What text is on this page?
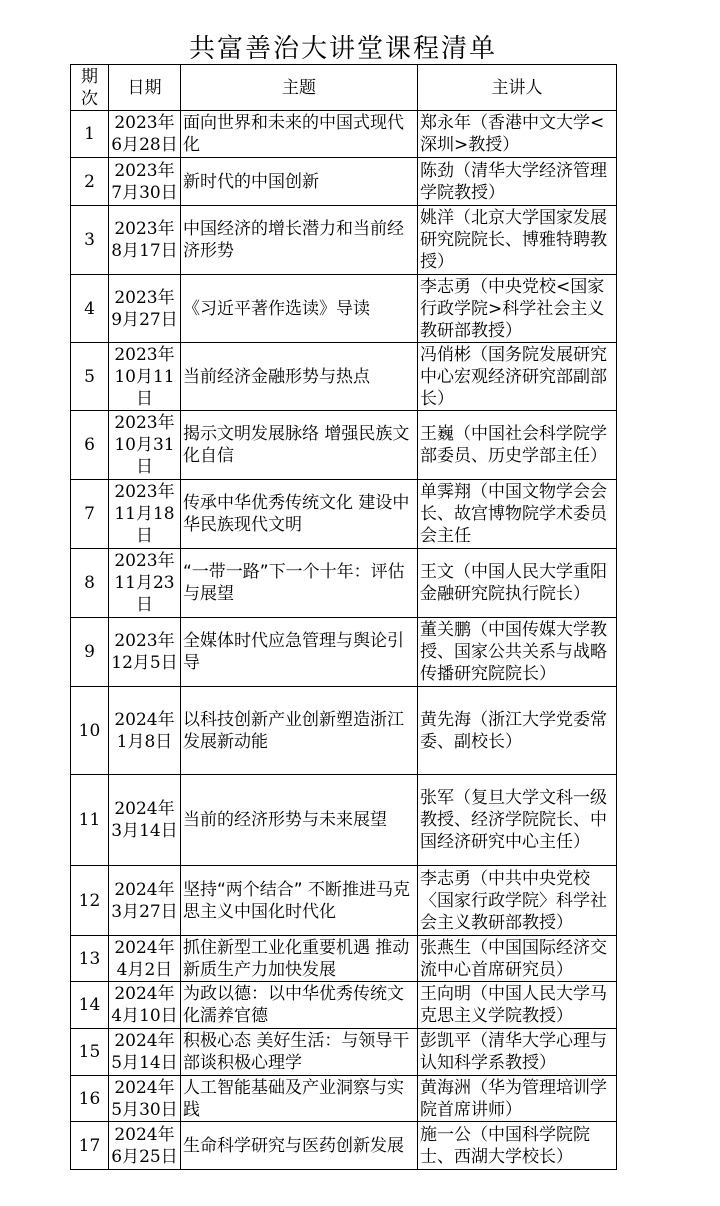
共富善治大讲堂课程清单
期次	日期	主题	主讲人
1	2023年6月28日	面向世界和未来的中国式现代化	郑永年（香港中文大学<深圳>教授）
2	2023年7月30日	新时代的中国创新	陈劲（清华大学经济管理学院教授）
3	2023年8月17日	中国经济的增长潜力和当前经济形势	姚洋（北京大学国家发展研究院院长、博雅特聘教授）
4	2023年9月27日	《习近平著作选读》导读	李志勇（中央党校<国家行政学院>科学社会主义教研部教授）
5	2023年10月11日	当前经济金融形势与热点	冯俏彬（国务院发展研究中心宏观经济研究部副部长）
6	2023年10月31日	揭示文明发展脉络 增强民族文化自信	王巍（中国社会科学院学部委员、历史学部主任）
7	2023年11月18日	传承中华优秀传统文化 建设中华民族现代文明	单霁翔（中国文物学会会长、故宫博物院学术委员会主任
8	2023年11月23日	“一带一路”下一个十年：评估与展望	王文（中国人民大学重阳金融研究院执行院长）
9	2023年12月5日	全媒体时代应急管理与舆论引导	董关鹏（中国传媒大学教授、国家公共关系与战略传播研究院院长）
10	2024年1月8日	以科技创新产业创新塑造浙江发展新动能	黄先海（浙江大学党委常委、副校长）
11	2024年3月14日	当前的经济形势与未来展望	张军（复旦大学文科一级教授、经济学院院长、中国经济研究中心主任）
12	2024年3月27日	坚持“两个结合” 不断推进马克思主义中国化时代化	李志勇（中共中央党校〈国家行政学院〉科学社会主义教研部教授）
13	2024年4月2日	抓住新型工业化重要机遇 推动新质生产力加快发展	张燕生（中国国际经济交流中心首席研究员）
14	2024年4月10日	为政以德：以中华优秀传统文化濡养官德	王向明（中国人民大学马克思主义学院教授）
15	2024年5月14日	积极心态 美好生活：与领导干部谈积极心理学	彭凯平（清华大学心理与认知科学系教授）
16	2024年5月30日	人工智能基础及产业洞察与实践	黄海洲（华为管理培训学院首席讲师）
17	2024年6月25日	生命科学研究与医药创新发展	施一公（中国科学院院士、西湖大学校长）
